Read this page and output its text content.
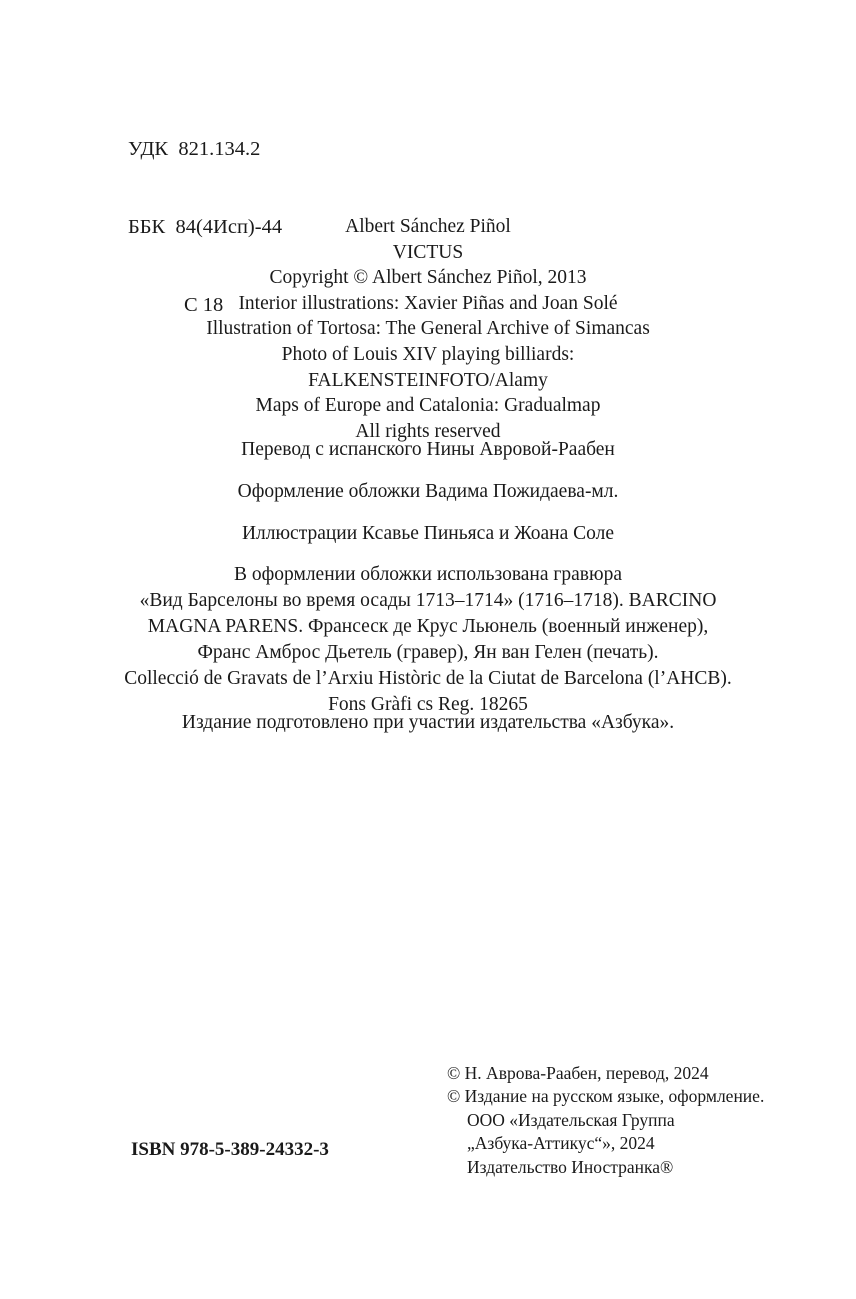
УДК  821.134.2

ББК  84(4Исп)-44

С 18

Albert Sánchez Piñol
VICTUS
Copyright © Albert Sánchez Piñol, 2013
Interior illustrations: Xavier Piñas and Joan Solé
Illustration of Tortosa: The General Archive of Simancas
Photo of Louis XIV playing billiards:
FALKENSTEINFOTO/Alamy
Maps of Europe and Catalonia: Gradualmap
All rights reserved
Перевод с испанского Нины Авровой-Раабен
Оформление обложки Вадима Пожидаева-мл.
Иллюстрации Ксавье Пиньяса и Жоана Соле
В оформлении обложки использована гравюра
«Вид Барселоны во время осады 1713–1714» (1716–1718). BARCINO
MAGNA PARENS. Франсеск де Крус Льюнель (военный инженер),
Франс Амброс Дьетель (гравер), Ян ван Гелен (печать).
Collecció de Gravats de l’Arxiu Històric de la Ciutat de Barcelona (l’AHCB).
Fons Gràfi cs Reg. 18265
Издание подготовлено при участии издательства «Азбука».
© Н. Аврова-Раабен, перевод, 2024
© Издание на русском языке, оформление.
ООО «Издательская Группа
„Азбука-Аттикус“», 2024
Издательство Иностранка®
ISBN 978-5-389-24332-3
